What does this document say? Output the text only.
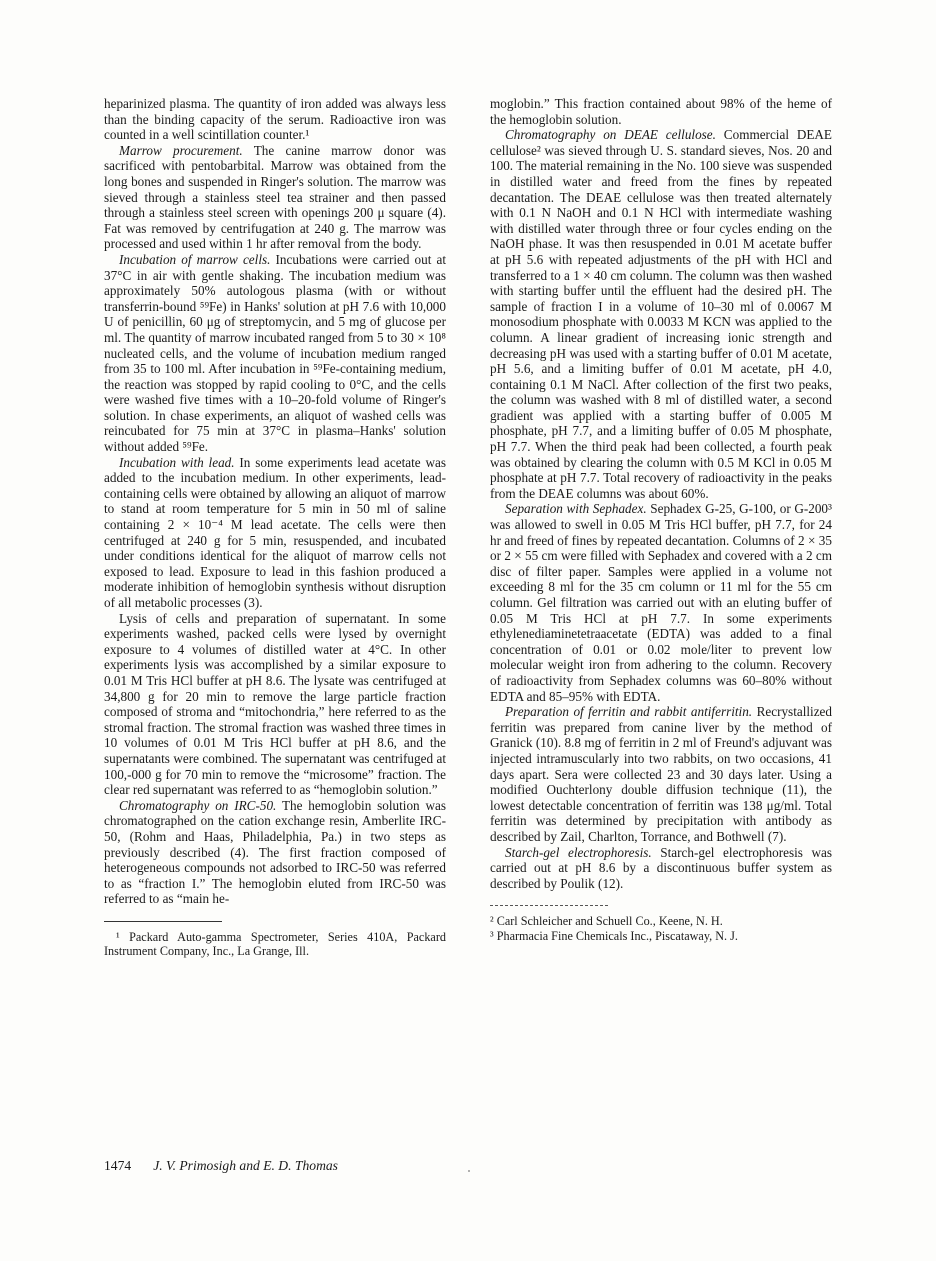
heparinized plasma. The quantity of iron added was always less than the binding capacity of the serum. Radioactive iron was counted in a well scintillation counter.¹

Marrow procurement. The canine marrow donor was sacrificed with pentobarbital. Marrow was obtained from the long bones and suspended in Ringer's solution. The marrow was sieved through a stainless steel tea strainer and then passed through a stainless steel screen with openings 200 μ square (4). Fat was removed by centrifugation at 240 g. The marrow was processed and used within 1 hr after removal from the body.

Incubation of marrow cells. Incubations were carried out at 37°C in air with gentle shaking. The incubation medium was approximately 50% autologous plasma (with or without transferrin-bound ⁵⁹Fe) in Hanks' solution at pH 7.6 with 10,000 U of penicillin, 60 μg of streptomycin, and 5 mg of glucose per ml. The quantity of marrow incubated ranged from 5 to 30 × 10⁸ nucleated cells, and the volume of incubation medium ranged from 35 to 100 ml. After incubation in ⁵⁹Fe-containing medium, the reaction was stopped by rapid cooling to 0°C, and the cells were washed five times with a 10–20-fold volume of Ringer's solution. In chase experiments, an aliquot of washed cells was reincubated for 75 min at 37°C in plasma–Hanks' solution without added ⁵⁹Fe.

Incubation with lead. In some experiments lead acetate was added to the incubation medium. In other experiments, lead-containing cells were obtained by allowing an aliquot of marrow to stand at room temperature for 5 min in 50 ml of saline containing 2 × 10⁻⁴ M lead acetate. The cells were then centrifuged at 240 g for 5 min, resuspended, and incubated under conditions identical for the aliquot of marrow cells not exposed to lead. Exposure to lead in this fashion produced a moderate inhibition of hemoglobin synthesis without disruption of all metabolic processes (3).

Lysis of cells and preparation of supernatant. In some experiments washed, packed cells were lysed by overnight exposure to 4 volumes of distilled water at 4°C. In other experiments lysis was accomplished by a similar exposure to 0.01 M Tris HCl buffer at pH 8.6. The lysate was centrifuged at 34,800 g for 20 min to remove the large particle fraction composed of stroma and “mitochondria,” here referred to as the stromal fraction. The stromal fraction was washed three times in 10 volumes of 0.01 M Tris HCl buffer at pH 8.6, and the supernatants were combined. The supernatant was centrifuged at 100,-000 g for 70 min to remove the “microsome” fraction. The clear red supernatant was referred to as “hemoglobin solution.”

Chromatography on IRC-50. The hemoglobin solution was chromatographed on the cation exchange resin, Amberlite IRC-50, (Rohm and Haas, Philadelphia, Pa.) in two steps as previously described (4). The first fraction composed of heterogeneous compounds not adsorbed to IRC-50 was referred to as “fraction I.” The hemoglobin eluted from IRC-50 was referred to as “main he-

¹ Packard Auto-gamma Spectrometer, Series 410A, Packard Instrument Company, Inc., La Grange, Ill.

moglobin.” This fraction contained about 98% of the heme of the hemoglobin solution.

Chromatography on DEAE cellulose. Commercial DEAE cellulose² was sieved through U. S. standard sieves, Nos. 20 and 100. The material remaining in the No. 100 sieve was suspended in distilled water and freed from the fines by repeated decantation. The DEAE cellulose was then treated alternately with 0.1 N NaOH and 0.1 N HCl with intermediate washing with distilled water through three or four cycles ending on the NaOH phase. It was then resuspended in 0.01 M acetate buffer at pH 5.6 with repeated adjustments of the pH with HCl and transferred to a 1 × 40 cm column. The column was then washed with starting buffer until the effluent had the desired pH. The sample of fraction I in a volume of 10–30 ml of 0.0067 M monosodium phosphate with 0.0033 M KCN was applied to the column. A linear gradient of increasing ionic strength and decreasing pH was used with a starting buffer of 0.01 M acetate, pH 5.6, and a limiting buffer of 0.01 M acetate, pH 4.0, containing 0.1 M NaCl. After collection of the first two peaks, the column was washed with 8 ml of distilled water, a second gradient was applied with a starting buffer of 0.005 M phosphate, pH 7.7, and a limiting buffer of 0.05 M phosphate, pH 7.7. When the third peak had been collected, a fourth peak was obtained by clearing the column with 0.5 M KCl in 0.05 M phosphate at pH 7.7. Total recovery of radioactivity in the peaks from the DEAE columns was about 60%.

Separation with Sephadex. Sephadex G-25, G-100, or G-200³ was allowed to swell in 0.05 M Tris HCl buffer, pH 7.7, for 24 hr and freed of fines by repeated decantation. Columns of 2 × 35 or 2 × 55 cm were filled with Sephadex and covered with a 2 cm disc of filter paper. Samples were applied in a volume not exceeding 8 ml for the 35 cm column or 11 ml for the 55 cm column. Gel filtration was carried out with an eluting buffer of 0.05 M Tris HCl at pH 7.7. In some experiments ethylenediaminetetraacetate (EDTA) was added to a final concentration of 0.01 or 0.02 mole/liter to prevent low molecular weight iron from adhering to the column. Recovery of radioactivity from Sephadex columns was 60–80% without EDTA and 85–95% with EDTA.

Preparation of ferritin and rabbit antiferritin. Recrystallized ferritin was prepared from canine liver by the method of Granick (10). 8.8 mg of ferritin in 2 ml of Freund's adjuvant was injected intramuscularly into two rabbits, on two occasions, 41 days apart. Sera were collected 23 and 30 days later. Using a modified Ouchterlony double diffusion technique (11), the lowest detectable concentration of ferritin was 138 μg/ml. Total ferritin was determined by precipitation with antibody as described by Zail, Charlton, Torrance, and Bothwell (7).

Starch-gel electrophoresis. Starch-gel electrophoresis was carried out at pH 8.6 by a discontinuous buffer system as described by Poulik (12).

² Carl Schleicher and Schuell Co., Keene, N. H.

³ Pharmacia Fine Chemicals Inc., Piscataway, N. J.

1474 J. V. Primosigh and E. D. Thomas
